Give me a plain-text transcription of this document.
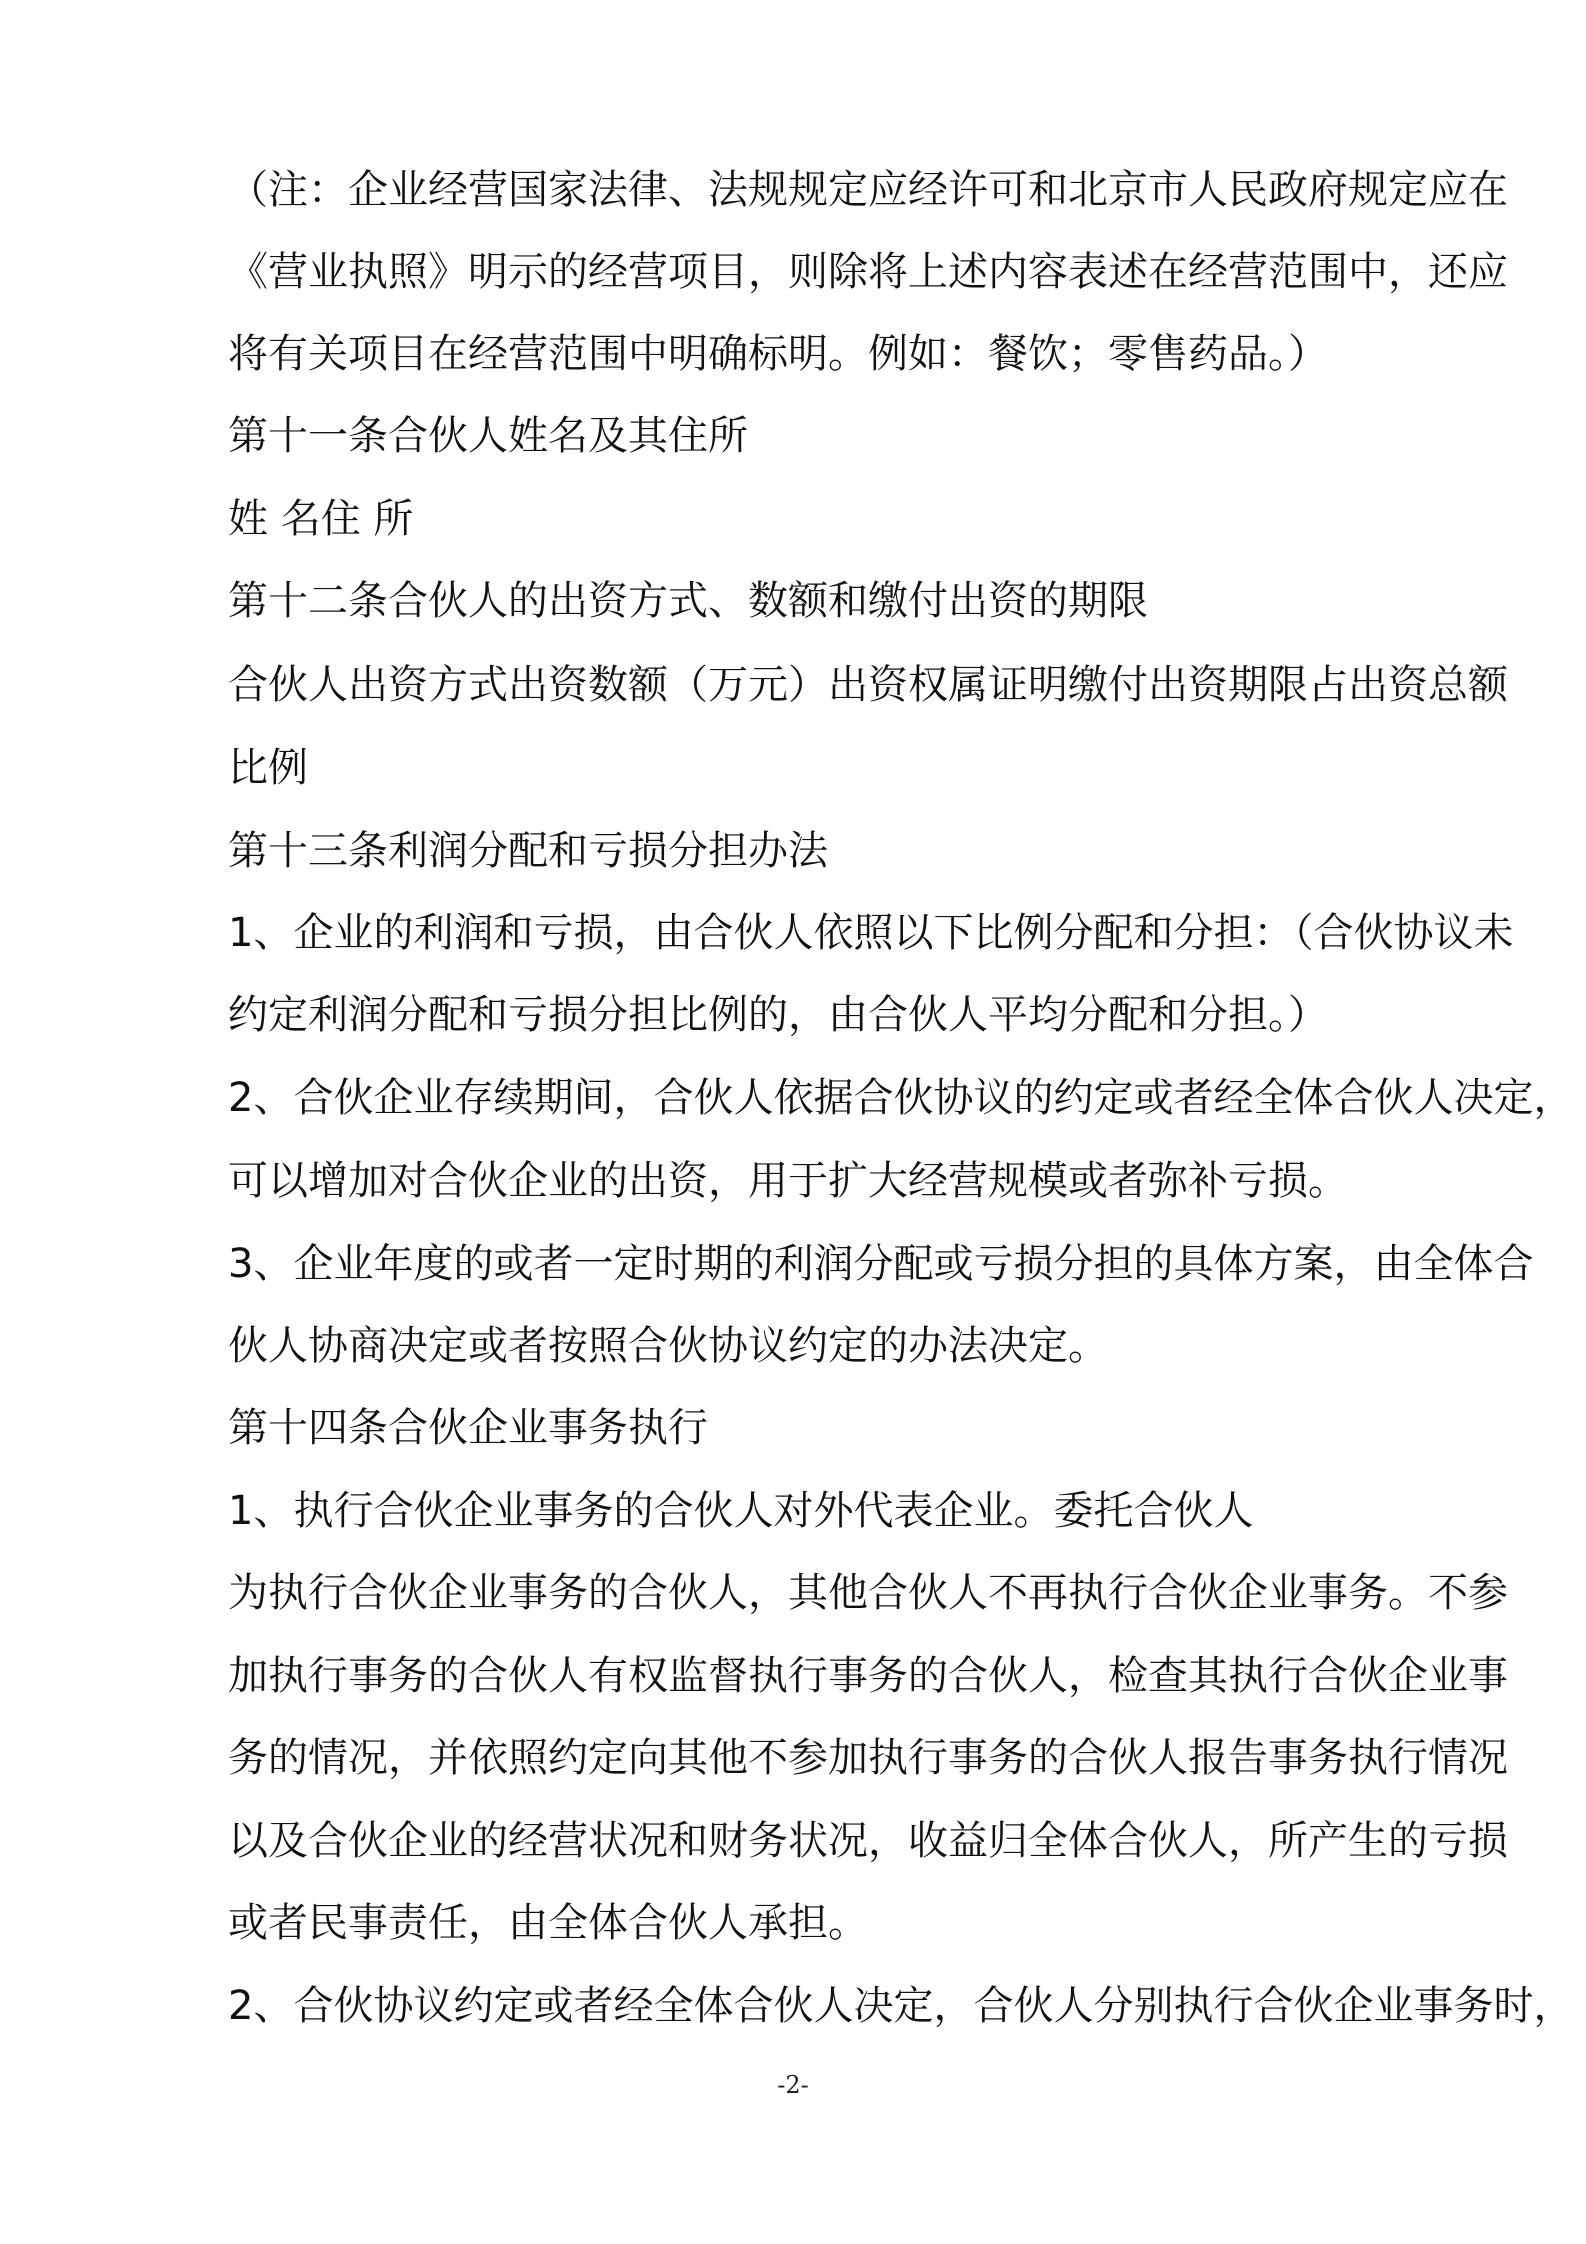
（注：企业经营国家法律、法规规定应经许可和北京市人民政府规定应在

《营业执照》明示的经营项目，则除将上述内容表述在经营范围中，还应

将有关项目在经营范围中明确标明。例如：餐饮；零售药品。）

第十一条合伙人姓名及其住所

姓 名住 所

第十二条合伙人的出资方式、数额和缴付出资的期限

合伙人出资方式出资数额（万元）出资权属证明缴付出资期限占出资总额

比例

第十三条利润分配和亏损分担办法

1、企业的利润和亏损，由合伙人依照以下比例分配和分担：（合伙协议未

约定利润分配和亏损分担比例的，由合伙人平均分配和分担。）

2、合伙企业存续期间，合伙人依据合伙协议的约定或者经全体合伙人决定，

可以增加对合伙企业的出资，用于扩大经营规模或者弥补亏损。

3、企业年度的或者一定时期的利润分配或亏损分担的具体方案，由全体合

伙人协商决定或者按照合伙协议约定的办法决定。

第十四条合伙企业事务执行

1、执行合伙企业事务的合伙人对外代表企业。委托合伙人

为执行合伙企业事务的合伙人，其他合伙人不再执行合伙企业事务。不参

加执行事务的合伙人有权监督执行事务的合伙人，检查其执行合伙企业事

务的情况，并依照约定向其他不参加执行事务的合伙人报告事务执行情况

以及合伙企业的经营状况和财务状况，收益归全体合伙人，所产生的亏损

或者民事责任，由全体合伙人承担。

2、合伙协议约定或者经全体合伙人决定，合伙人分别执行合伙企业事务时，

-2-
